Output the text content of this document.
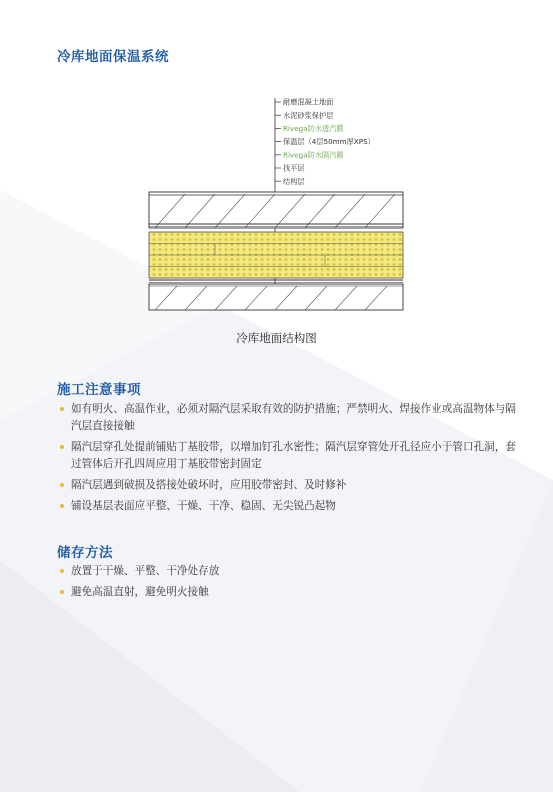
冷库地面保温系统
耐磨混凝土地面
水泥砂浆保护层
Rivega防水透汽膜
保温层（4层50mm厚XPS）
Rivega防水隔汽膜
找平层
结构层
冷库地面结构图
施工注意事项
如有明火、高温作业，必须对隔汽层采取有效的防护措施；严禁明火、焊接作业或高温物体与隔汽层直接接触
隔汽层穿孔处提前铺贴丁基胶带，以增加钉孔水密性；隔汽层穿管处开孔径应小于管口孔洞，套过管体后开孔四周应用丁基胶带密封固定
隔汽层遇到破损及搭接处破坏时，应用胶带密封、及时修补
铺设基层表面应平整、干燥、干净、稳固、无尖锐凸起物
储存方法
放置于干燥、平整、干净处存放
避免高温直射，避免明火接触
